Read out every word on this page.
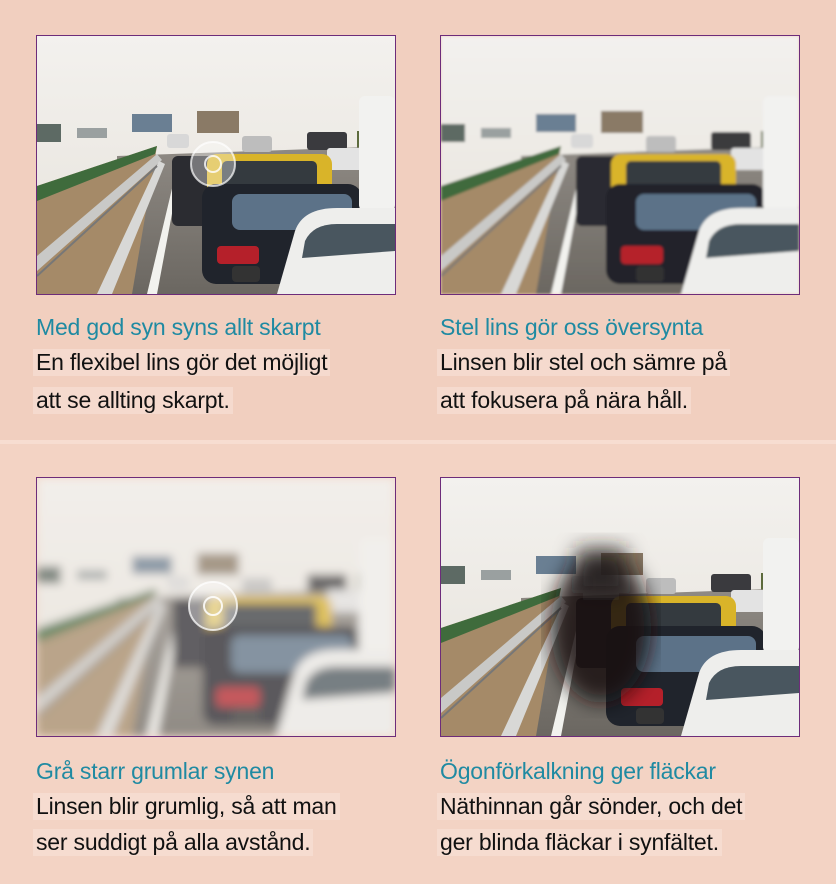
Med god syn syns allt skarpt
En flexibel lins gör det möjligt
att se allting skarpt.
Stel lins gör oss översynta
Linsen blir stel och sämre på
att fokusera på nära håll.
Grå starr grumlar synen
Linsen blir grumlig, så att man
ser suddigt på alla avstånd.
Ögonförkalkning ger fläckar
Näthinnan går sönder, och det
ger blinda fläckar i synfältet.
